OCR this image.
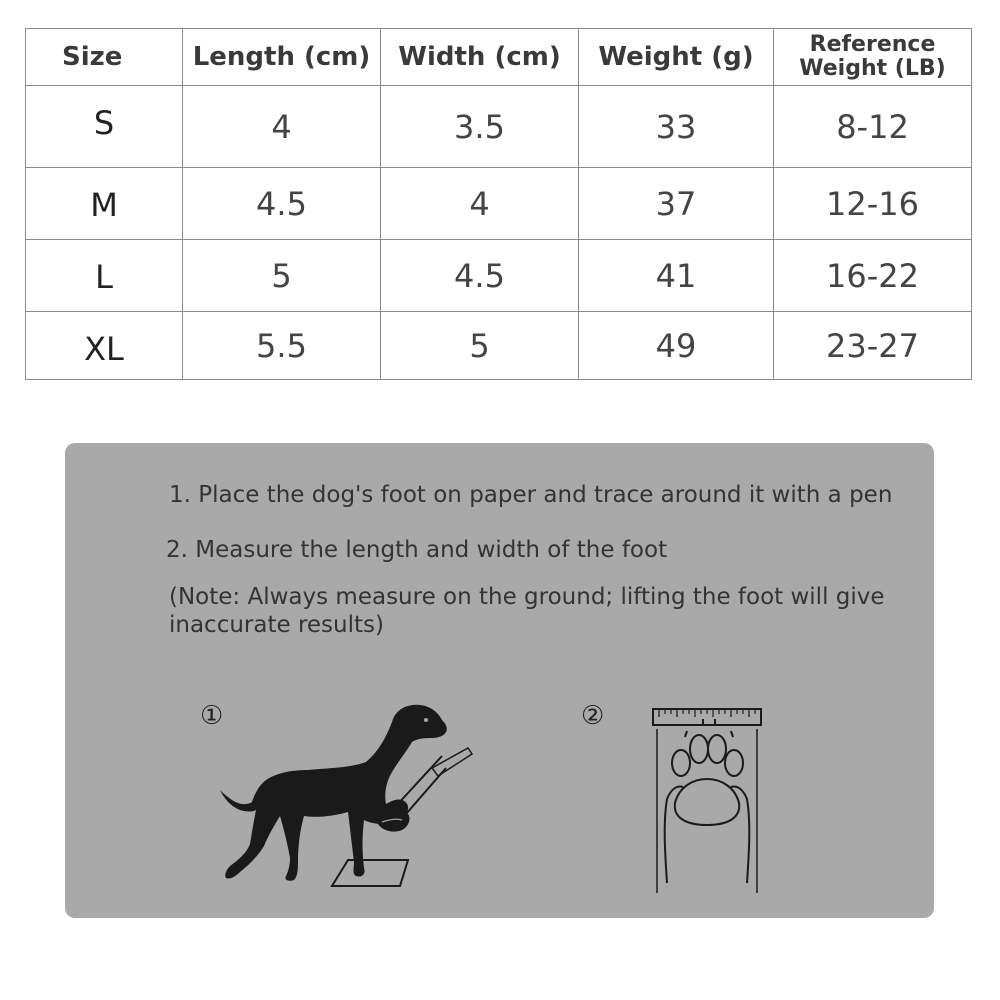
Size	Length (cm)	Width (cm)	Weight (g)	Reference Weight (LB)
S	4	3.5	33	8-12
M	4.5	4	37	12-16
L	5	4.5	41	16-22
XL	5.5	5	49	23-27
1. Place the dog's foot on paper and trace around it with a pen
2. Measure the length and width of the foot
(Note: Always measure on the ground; lifting the foot will give inaccurate results)
①	②
